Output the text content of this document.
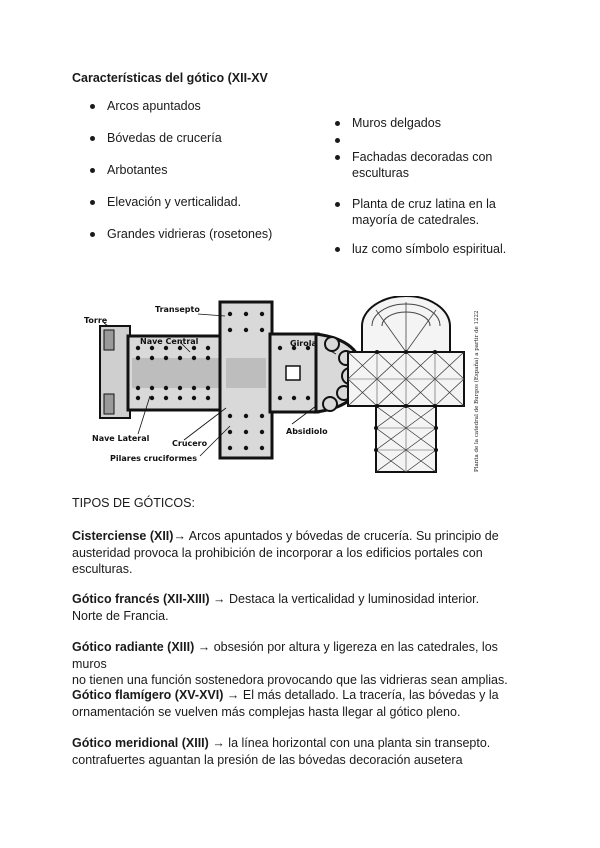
Características del gótico (XII-XV
Arcos apuntados
Bóvedas de crucería
Arbotantes
Elevación y verticalidad.
Grandes vidrieras (rosetones)
Muros delgados
Fachadas decoradas con esculturas
Planta de cruz latina en la mayoría de catedrales.
luz como símbolo espiritual.
Torre
Transepto
Nave Central	Girola
Nave Lateral
Crucero
Pilares cruciformes
Absidiolo	Planta de la catedral de Burgos (España) a partir de 1222
TIPOS DE GÓTICOS:
Cisterciense (XII)→ Arcos apuntados y bóvedas de crucería. Su principio de
austeridad provoca la prohibición de incorporar a los edificios portales con
esculturas.
Gótico francés (XII-XIII) → Destaca la verticalidad y luminosidad interior.
Norte de Francia.
Gótico radiante (XIII) → obsesión por altura y ligereza en las catedrales, los muros
no tienen una función sostenedora provocando que las vidrieras sean amplias.
Gótico flamígero (XV-XVI) → El más detallado. La tracería, las bóvedas y la
ornamentación se vuelven más complejas hasta llegar al gótico pleno.
Gótico meridional (XIII) → la línea horizontal con una planta sin transepto.
contrafuertes aguantan la presión de las bóvedas decoración ausetera
